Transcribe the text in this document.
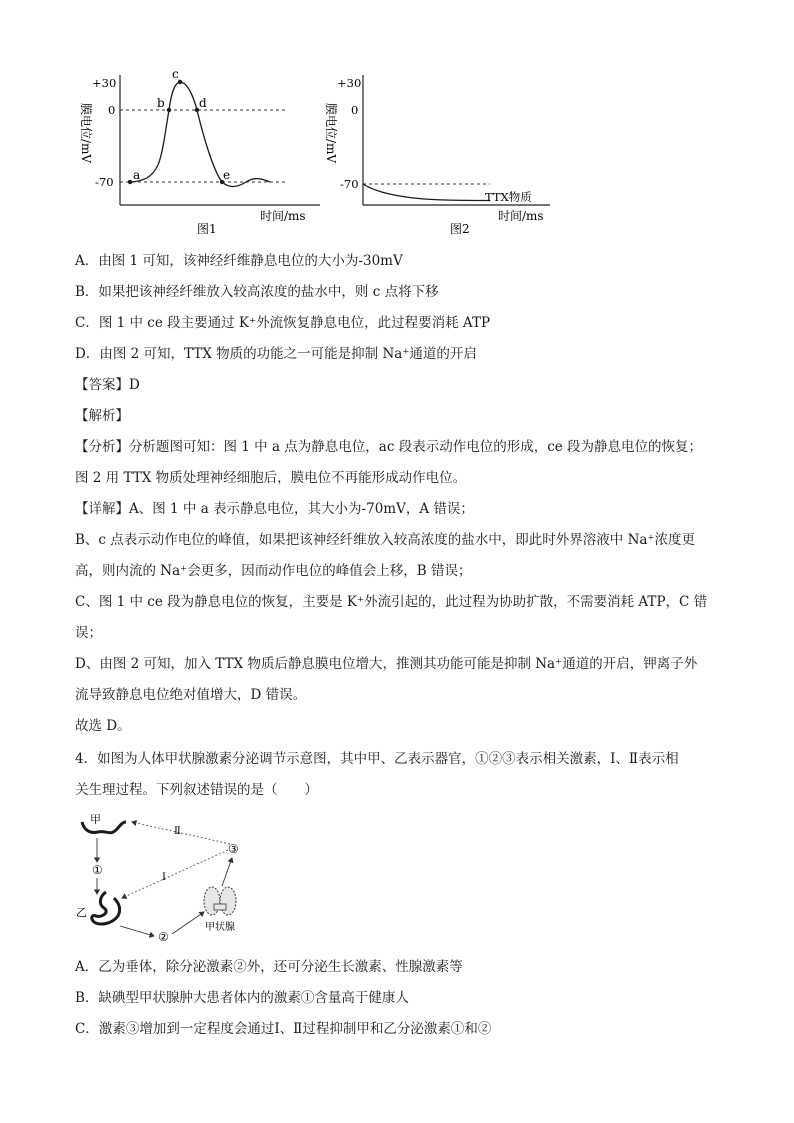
+30
0
-70
膜电位/mV
a
b
c
d
e
时间/ms
图1
+30
0
-70
膜电位/mV
TTX物质
时间/ms
图2
A．由图 1 可知，该神经纤维静息电位的大小为-30mV
B．如果把该神经纤维放入较高浓度的盐水中，则 c 点将下移
C．图 1 中 ce 段主要通过 K⁺外流恢复静息电位，此过程要消耗 ATP
D．由图 2 可知，TTX 物质的功能之一可能是抑制 Na⁺通道的开启
【答案】D
【解析】
【分析】分析题图可知：图 1 中 a 点为静息电位，ac 段表示动作电位的形成，ce 段为静息电位的恢复；
图 2 用 TTX 物质处理神经细胞后，膜电位不再能形成动作电位。
【详解】A、图 1 中 a 表示静息电位，其大小为-70mV，A 错误；
B、c 点表示动作电位的峰值，如果把该神经纤维放入较高浓度的盐水中，即此时外界溶液中 Na⁺浓度更
高，则内流的 Na⁺会更多，因而动作电位的峰值会上移，B 错误；
C、图 1 中 ce 段为静息电位的恢复，主要是 K⁺外流引起的，此过程为协助扩散，不需要消耗 ATP，C 错
误；
D、由图 2 可知，加入 TTX 物质后静息膜电位增大，推测其功能可能是抑制 Na⁺通道的开启，钾离子外
流导致静息电位绝对值增大，D 错误。
故选 D。
4．如图为人体甲状腺激素分泌调节示意图，其中甲、乙表示器官，①②③表示相关激素，Ⅰ、Ⅱ表示相
关生理过程。下列叙述错误的是（　　）
甲
乙
甲状腺
①
②
③
Ⅱ
Ⅰ
A．乙为垂体，除分泌激素②外，还可分泌生长激素、性腺激素等
B．缺碘型甲状腺肿大患者体内的激素①含量高于健康人
C．激素③增加到一定程度会通过Ⅰ、Ⅱ过程抑制甲和乙分泌激素①和②
